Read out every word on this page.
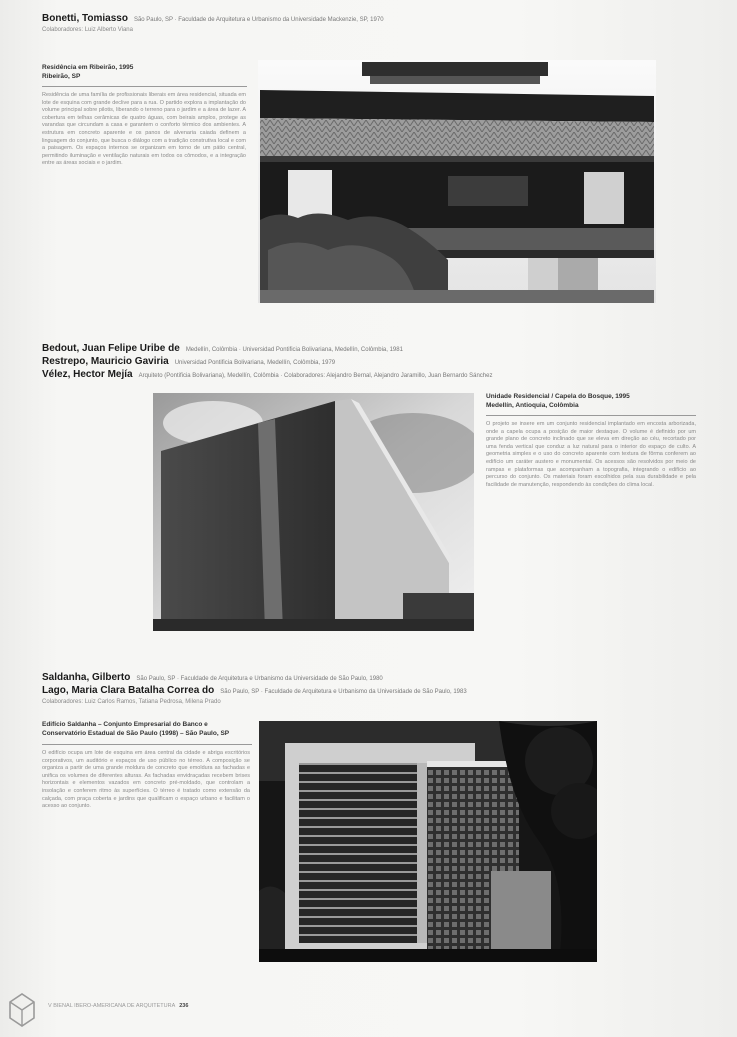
Bonetti, Tomiasso São Paulo, SP · Faculdade de Arquitetura e Urbanismo da Universidade Mackenzie, SP, 1970
Colaboradores: Luiz Alberto Viana
Residência em Ribeirão, 1995
Ribeirão, SP
Residência de uma família de profissionais liberais em área residencial, situada em lote de esquina com grande declive para a rua. O partido explora a implantação do volume principal sobre pilotis, liberando o terreno para o jardim e a área de lazer. A cobertura em telhas cerâmicas de quatro águas, com beirais amplos, protege as varandas que circundam a casa e garantem o conforto térmico dos ambientes. A estrutura em concreto aparente e os panos de alvenaria caiada definem a linguagem do conjunto, que busca o diálogo com a tradição construtiva local e com a paisagem. Os espaços internos se organizam em torno de um pátio central, permitindo iluminação e ventilação naturais em todos os cômodos, e a integração entre as áreas sociais e o jardim.
Bedout, Juan Felipe Uribe de Medellín, Colômbia · Universidad Pontificia Bolivariana, Medellín, Colômbia, 1981
Restrepo, Mauricio Gaviria Universidad Pontificia Bolivariana, Medellín, Colômbia, 1979
Vélez, Hector Mejía Arquiteto (Pontificia Bolivariana), Medellín, Colômbia · Colaboradores: Alejandro Bernal, Alejandro Jaramillo, Juan Bernardo Sánchez
Unidade Residencial / Capela do Bosque, 1995
Medellín, Antioquia, Colômbia
O projeto se insere em um conjunto residencial implantado em encosta arborizada, onde a capela ocupa a posição de maior destaque. O volume é definido por um grande plano de concreto inclinado que se eleva em direção ao céu, recortado por uma fenda vertical que conduz a luz natural para o interior do espaço de culto. A geometria simples e o uso do concreto aparente com textura de fôrma conferem ao edifício um caráter austero e monumental. Os acessos são resolvidos por meio de rampas e plataformas que acompanham a topografia, integrando o edifício ao percurso do conjunto. Os materiais foram escolhidos pela sua durabilidade e pela facilidade de manutenção, respondendo às condições do clima local.
Saldanha, Gilberto São Paulo, SP · Faculdade de Arquitetura e Urbanismo da Universidade de São Paulo, 1980
Lago, Maria Clara Batalha Correa do São Paulo, SP · Faculdade de Arquitetura e Urbanismo da Universidade de São Paulo, 1983
Colaboradores: Luiz Carlos Ramos, Tatiana Pedrosa, Milena Prado
Edifício Saldanha – Conjunto Empresarial do Banco e
Conservatório Estadual de São Paulo (1998) – São Paulo, SP
O edifício ocupa um lote de esquina em área central da cidade e abriga escritórios corporativos, um auditório e espaços de uso público no térreo. A composição se organiza a partir de uma grande moldura de concreto que emoldura as fachadas e unifica os volumes de diferentes alturas. As fachadas envidraçadas recebem brises horizontais e elementos vazados em concreto pré-moldado, que controlam a insolação e conferem ritmo às superfícies. O térreo é tratado como extensão da calçada, com praça coberta e jardins que qualificam o espaço urbano e facilitam o acesso ao conjunto.
V BIENAL IBERO-AMERICANA DE ARQUITETURA 236
